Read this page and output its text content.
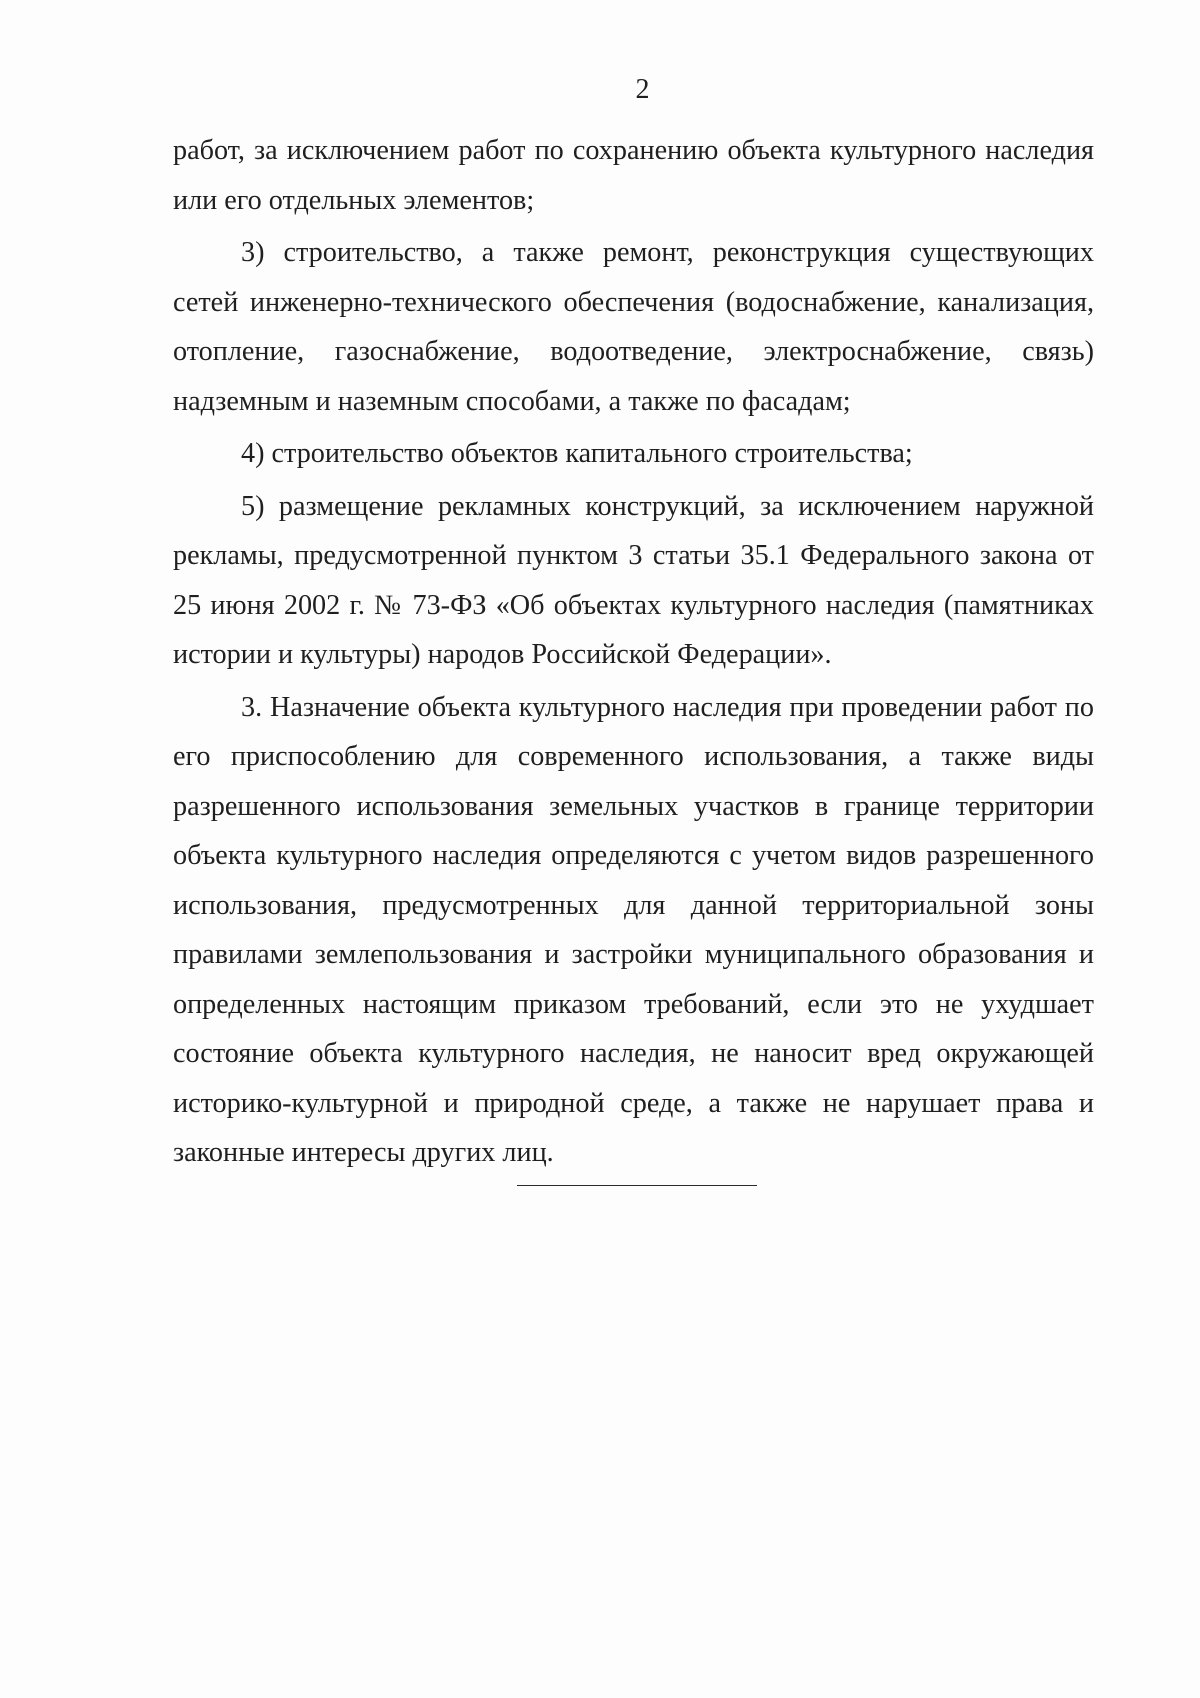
2

работ, за исключением работ по сохранению объекта культурного наследия или его отдельных элементов;

3) строительство, а также ремонт, реконструкция существующих сетей инженерно-технического обеспечения (водоснабжение, канализация, отопление, газоснабжение, водоотведение, электроснабжение, связь) надземным и наземным способами, а также по фасадам;

4) строительство объектов капитального строительства;

5) размещение рекламных конструкций, за исключением наружной рекламы, предусмотренной пунктом 3 статьи 35.1 Федерального закона от 25 июня 2002 г. № 73-ФЗ «Об объектах культурного наследия (памятниках истории и культуры) народов Российской Федерации».

3. Назначение объекта культурного наследия при проведении работ по его приспособлению для современного использования, а также виды разрешенного использования земельных участков в границе территории объекта культурного наследия определяются с учетом видов разрешенного использования, предусмотренных для данной территориальной зоны правилами землепользования и застройки муниципального образования и определенных настоящим приказом требований, если это не ухудшает состояние объекта культурного наследия, не наносит вред окружающей историко-культурной и природной среде, а также не нарушает права и законные интересы других лиц.
